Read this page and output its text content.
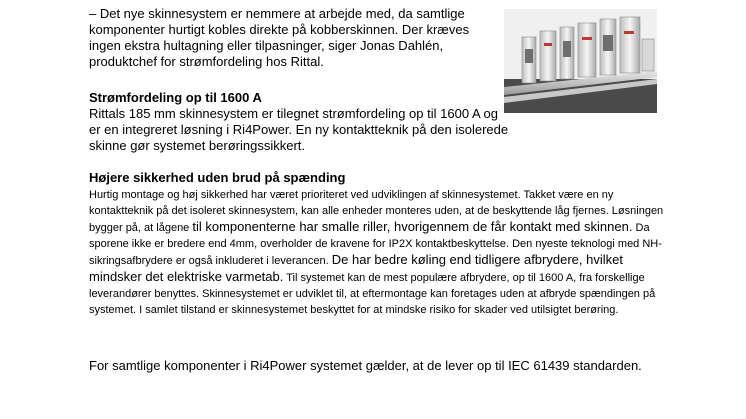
– Det nye skinnesystem er nemmere at arbejde med, da samtlige komponenter hurtigt kobles direkte på kobberskinnen. Der kræves ingen ekstra hultagning eller tilpasninger, siger Jonas Dahlén, produktchef for strømfordeling hos Rittal.

Strømfordeling op til 1600 A

Rittals 185 mm skinnesystem er tilegnet strømfordeling op til 1600 A og er en integreret løsning i Ri4Power. En ny kontaktteknik på den isolerede skinne gør systemet berøringssikkert.

Højere sikkerhed uden brud på spænding

Hurtig montage og høj sikkerhed har været prioriteret ved udviklingen af skinnesystemet. Takket være en ny kontaktteknik på det isoleret skinnesystem, kan alle enheder monteres uden, at de beskyttende låg fjernes. Løsningen bygger på, at lågene til komponenterne har smalle riller, hvorigennem de får kontakt med skinnen. Da sporene ikke er bredere end 4mm, overholder de kravene for IP2X kontaktbeskyttelse. Den nyeste teknologi med NH-sikringsafbrydere er også inkluderet i leverancen. De har bedre køling end tidligere afbrydere, hvilket mindsker det elektriske varmetab. Til systemet kan de mest populære afbrydere, op til 1600 A, fra forskellige leverandører benyttes. Skinnesystemet er udviklet til, at eftermontage kan foretages uden at afbryde spændingen på systemet. I samlet tilstand er skinnesystemet beskyttet for at mindske risiko for skader ved utilsigtet berøring.

For samtlige komponenter i Ri4Power systemet gælder, at de lever op til IEC 61439 standarden.
